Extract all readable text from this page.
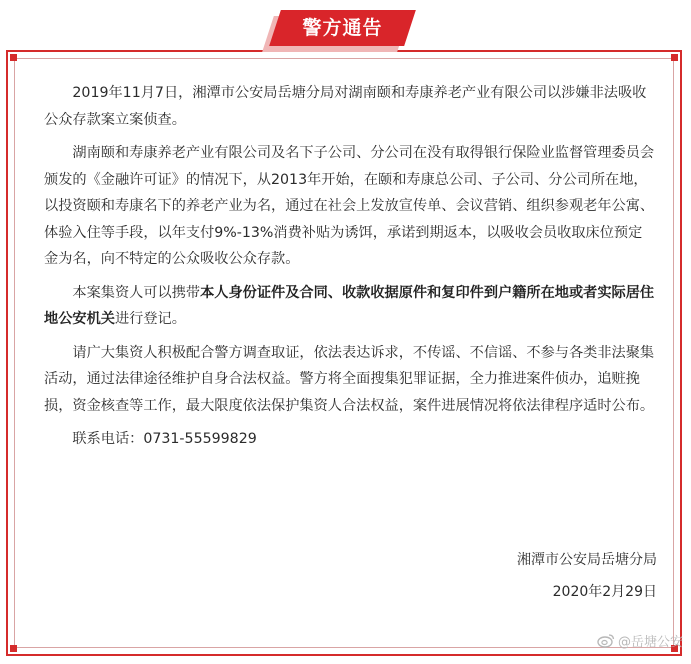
警方通告

2019年11月7日，湘潭市公安局岳塘分局对湖南颐和寿康养老产业有限公司以涉嫌非法吸收公众存款案立案侦查。

湖南颐和寿康养老产业有限公司及名下子公司、分公司在没有取得银行保险业监督管理委员会颁发的《金融许可证》的情况下，从2013年开始，在颐和寿康总公司、子公司、分公司所在地，以投资颐和寿康名下的养老产业为名，通过在社会上发放宣传单、会议营销、组织参观老年公寓、体验入住等手段，以年支付9%-13%消费补贴为诱饵，承诺到期返本，以吸收会员收取床位预定金为名，向不特定的公众吸收公众存款。

本案集资人可以携带本人身份证件及合同、收款收据原件和复印件到户籍所在地或者实际居住地公安机关进行登记。

请广大集资人积极配合警方调查取证，依法表达诉求，不传谣、不信谣、不参与各类非法聚集活动，通过法律途径维护自身合法权益。警方将全面搜集犯罪证据，全力推进案件侦办，追赃挽损，资金核查等工作，最大限度依法保护集资人合法权益，案件进展情况将依法律程序适时公布。

联系电话：0731-55599829

湘潭市公安局岳塘分局
2020年2月29日
@岳塘公安
